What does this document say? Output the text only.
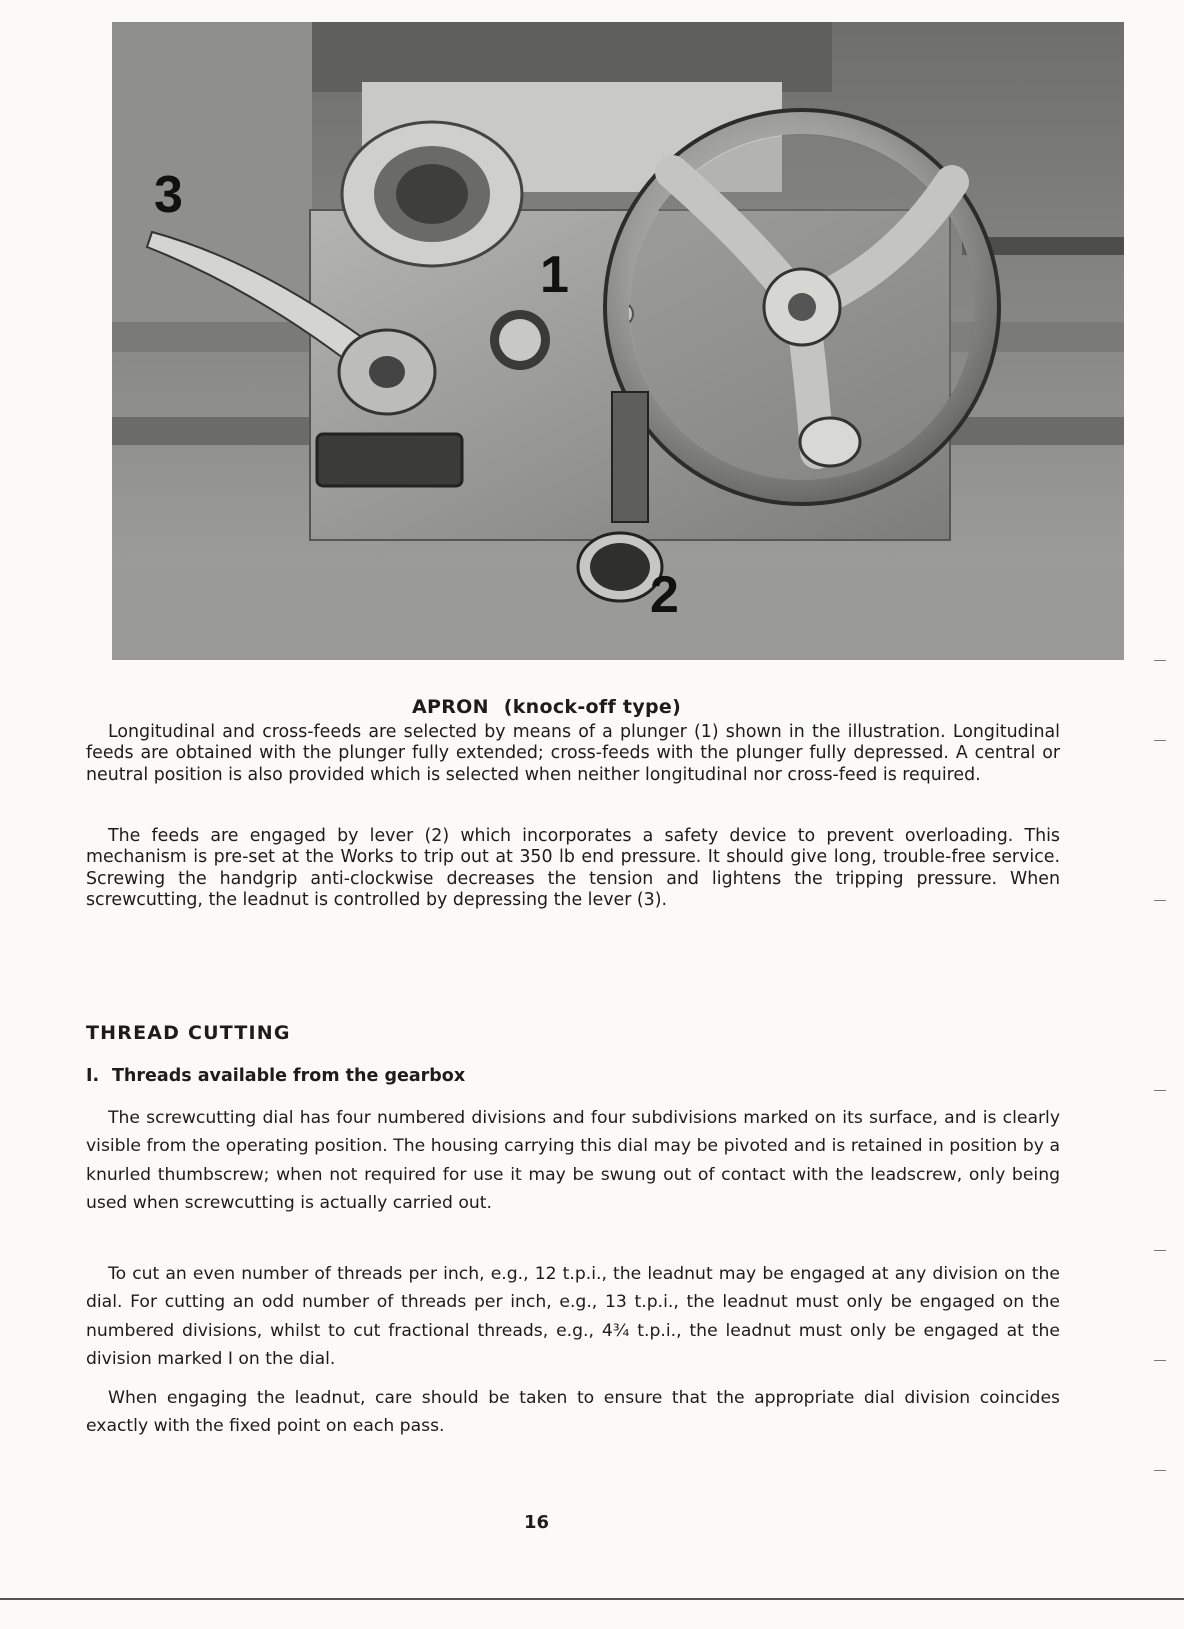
3
1
2
APRON (knock-off type)

Longitudinal and cross-feeds are selected by means of a plunger (1) shown in the illustration. Longitudinal feeds are obtained with the plunger fully extended; cross-feeds with the plunger fully depressed. A central or neutral position is also provided which is selected when neither longitudinal nor cross-feed is required.

The feeds are engaged by lever (2) which incorporates a safety device to prevent overloading. This mechanism is pre-set at the Works to trip out at 350 lb end pressure. It should give long, trouble-free service. Screwing the handgrip anti-clockwise decreases the tension and lightens the tripping pressure. When screwcutting, the leadnut is controlled by depressing the lever (3).

THREAD CUTTING
I. Threads available from the gearbox

The screwcutting dial has four numbered divisions and four subdivisions marked on its surface, and is clearly visible from the operating position. The housing carrying this dial may be pivoted and is retained in position by a knurled thumbscrew; when not required for use it may be swung out of contact with the leadscrew, only being used when screwcutting is actually carried out.

To cut an even number of threads per inch, e.g., 12 t.p.i., the leadnut may be engaged at any division on the dial. For cutting an odd number of threads per inch, e.g., 13 t.p.i., the leadnut must only be engaged on the numbered divisions, whilst to cut fractional threads, e.g., 4¾ t.p.i., the leadnut must only be engaged at the division marked I on the dial.

When engaging the leadnut, care should be taken to ensure that the appropriate dial division coincides exactly with the fixed point on each pass.

16
